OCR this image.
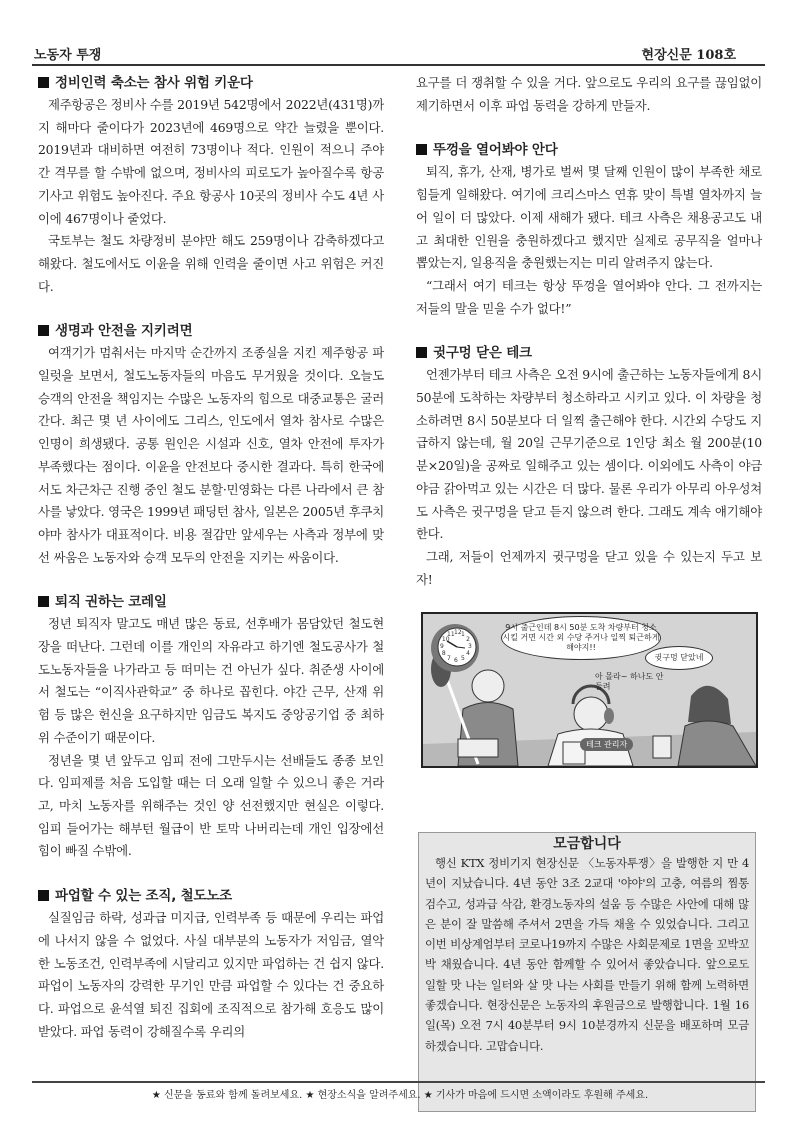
노동자 투쟁	현장신문 108호
정비인력 축소는 참사 위험 키운다

제주항공은 정비사 수를 2019년 542명에서 2022년(431명)까지 해마다 줄이다가 2023년에 469명으로 약간 늘렸을 뿐이다. 2019년과 대비하면 여전히 73명이나 적다. 인원이 적으니 주야간 격무를 할 수밖에 없으며, 정비사의 피로도가 높아질수록 항공기사고 위험도 높아진다. 주요 항공사 10곳의 정비사 수도 4년 사이에 467명이나 줄었다.

국토부는 철도 차량정비 분야만 해도 259명이나 감축하겠다고 해왔다. 철도에서도 이윤을 위해 인력을 줄이면 사고 위험은 커진다.

생명과 안전을 지키려면

여객기가 멈춰서는 마지막 순간까지 조종실을 지킨 제주항공 파일럿을 보면서, 철도노동자들의 마음도 무거웠을 것이다. 오늘도 승객의 안전을 책임지는 수많은 노동자의 힘으로 대중교통은 굴러간다. 최근 몇 년 사이에도 그리스, 인도에서 열차 참사로 수많은 인명이 희생됐다. 공통 원인은 시설과 신호, 열차 안전에 투자가 부족했다는 점이다. 이윤을 안전보다 중시한 결과다. 특히 한국에서도 차근차근 진행 중인 철도 분할·민영화는 다른 나라에서 큰 참사를 낳았다. 영국은 1999년 패딩턴 참사, 일본은 2005년 후쿠치야마 참사가 대표적이다. 비용 절감만 앞세우는 사측과 정부에 맞선 싸움은 노동자와 승객 모두의 안전을 지키는 싸움이다.

퇴직 권하는 코레일

정년 퇴직자 말고도 매년 많은 동료, 선후배가 몸담았던 철도현장을 떠난다. 그런데 이를 개인의 자유라고 하기엔 철도공사가 철도노동자들을 나가라고 등 떠미는 건 아닌가 싶다. 취준생 사이에서 철도는 “이직사관학교” 중 하나로 꼽힌다. 야간 근무, 산재 위험 등 많은 헌신을 요구하지만 임금도 복지도 중앙공기업 중 최하위 수준이기 때문이다.

정년을 몇 년 앞두고 임피 전에 그만두시는 선배들도 종종 보인다. 임피제를 처음 도입할 때는 더 오래 일할 수 있으니 좋은 거라고, 마치 노동자를 위해주는 것인 양 선전했지만 현실은 이렇다. 임피 들어가는 해부턴 월급이 반 토막 나버리는데 개인 입장에선 힘이 빠질 수밖에.

파업할 수 있는 조직, 철도노조

실질임금 하락, 성과급 미지급, 인력부족 등 때문에 우리는 파업에 나서지 않을 수 없었다. 사실 대부분의 노동자가 저임금, 열악한 노동조건, 인력부족에 시달리고 있지만 파업하는 건 쉽지 않다. 파업이 노동자의 강력한 무기인 만큼 파업할 수 있다는 건 중요하다. 파업으로 윤석열 퇴진 집회에 조직적으로 참가해 호응도 많이 받았다. 파업 동력이 강해질수록 우리의

요구를 더 쟁취할 수 있을 거다. 앞으로도 우리의 요구를 끊임없이 제기하면서 이후 파업 동력을 강하게 만들자.

뚜껑을 열어봐야 안다

퇴직, 휴가, 산재, 병가로 벌써 몇 달째 인원이 많이 부족한 채로 힘들게 일해왔다. 여기에 크리스마스 연휴 맞이 특별 열차까지 늘어 일이 더 많았다. 이제 새해가 됐다. 테크 사측은 채용공고도 내고 최대한 인원을 충원하겠다고 했지만 실제로 공무직을 얼마나 뽑았는지, 일용직을 충원했는지는 미리 알려주지 않는다.

“그래서 여기 테크는 항상 뚜껑을 열어봐야 안다. 그 전까지는 저들의 말을 믿을 수가 없다!”

귓구멍 닫은 테크

언젠가부터 테크 사측은 오전 9시에 출근하는 노동자들에게 8시 50분에 도착하는 차량부터 청소하라고 시키고 있다. 이 차량을 청소하려면 8시 50분보다 더 일찍 출근해야 한다. 시간외 수당도 지급하지 않는데, 월 20일 근무기준으로 1인당 최소 월 200분(10분×20일)을 공짜로 일해주고 있는 셈이다. 이외에도 사측이 야금야금 갉아먹고 있는 시간은 더 많다. 물론 우리가 아무리 아우성쳐도 사측은 귓구멍을 닫고 듣지 않으려 한다. 그래도 계속 얘기해야 한다.

그래, 저들이 언제까지 귓구멍을 닫고 있을 수 있는지 두고 보자!

9시 출근인데 8시 50분 도착 차량부터 청소시킬 거면 시간 외 수당 주거나 일찍 퇴근하게 해야지!!
귓구멍 닫았네
아 몰라~ 하나도 안 들려
테크 관리자
12 1
2
3
4
5
6
7
8
9
10
11
모금합니다

행신 KTX 정비기지 현장신문 〈노동자투쟁〉을 발행한 지 만 4년이 지났습니다. 4년 동안 3조 2교대 '야야'의 고충, 여름의 찜통 검수고, 성과급 삭감, 환경노동자의 설움 등 수많은 사안에 대해 많은 분이 잘 말씀해 주셔서 2면을 가득 채울 수 있었습니다. 그리고 이번 비상계엄부터 코로나19까지 수많은 사회문제로 1면을 꼬박꼬박 채웠습니다. 4년 동안 함께할 수 있어서 좋았습니다. 앞으로도 일할 맛 나는 일터와 살 맛 나는 사회를 만들기 위해 함께 노력하면 좋겠습니다. 현장신문은 노동자의 후원금으로 발행합니다. 1월 16일(목) 오전 7시 40분부터 9시 10분경까지 신문을 배포하며 모금하겠습니다. 고맙습니다.

★ 신문을 동료와 함께 돌려보세요. ★ 현장소식을 알려주세요. ★ 기사가 마음에 드시면 소액이라도 후원해 주세요.
